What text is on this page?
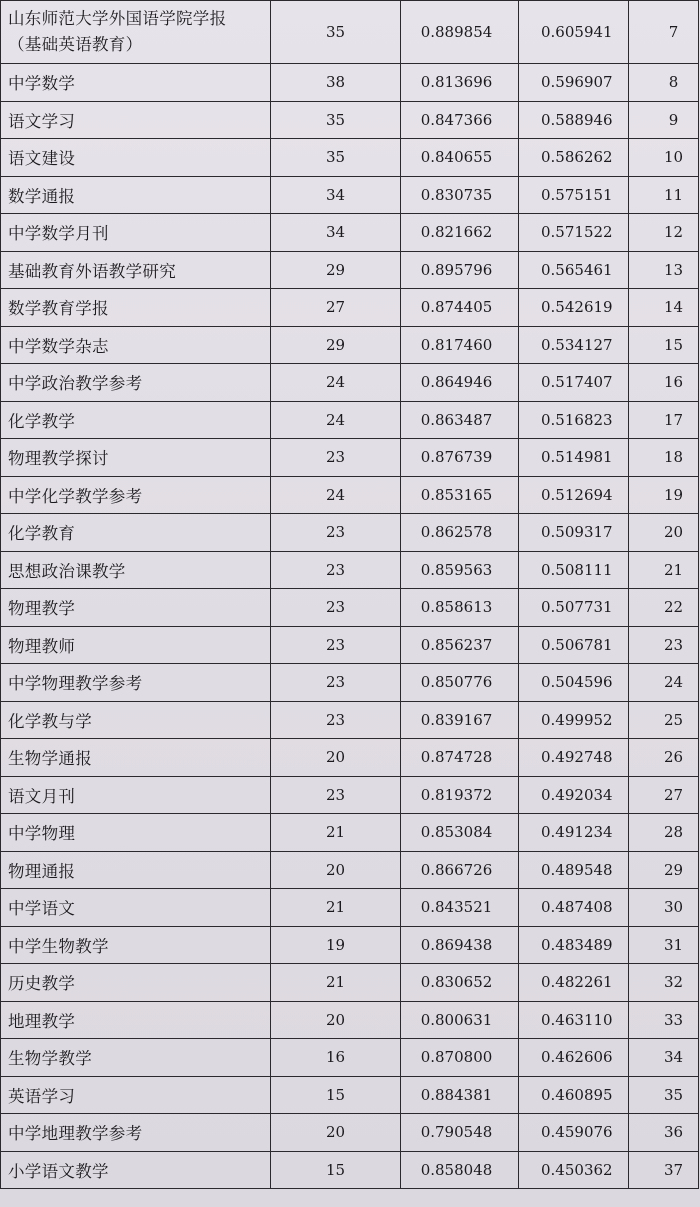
山东师范大学外国语学院学报
（基础英语教育）	35	0.889854	0.605941	7
中学数学	38	0.813696	0.596907	8
语文学习	35	0.847366	0.588946	9
语文建设	35	0.840655	0.586262	10
数学通报	34	0.830735	0.575151	11
中学数学月刊	34	0.821662	0.571522	12
基础教育外语教学研究	29	0.895796	0.565461	13
数学教育学报	27	0.874405	0.542619	14
中学数学杂志	29	0.817460	0.534127	15
中学政治教学参考	24	0.864946	0.517407	16
化学教学	24	0.863487	0.516823	17
物理教学探讨	23	0.876739	0.514981	18
中学化学教学参考	24	0.853165	0.512694	19
化学教育	23	0.862578	0.509317	20
思想政治课教学	23	0.859563	0.508111	21
物理教学	23	0.858613	0.507731	22
物理教师	23	0.856237	0.506781	23
中学物理教学参考	23	0.850776	0.504596	24
化学教与学	23	0.839167	0.499952	25
生物学通报	20	0.874728	0.492748	26
语文月刊	23	0.819372	0.492034	27
中学物理	21	0.853084	0.491234	28
物理通报	20	0.866726	0.489548	29
中学语文	21	0.843521	0.487408	30
中学生物教学	19	0.869438	0.483489	31
历史教学	21	0.830652	0.482261	32
地理教学	20	0.800631	0.463110	33
生物学教学	16	0.870800	0.462606	34
英语学习	15	0.884381	0.460895	35
中学地理教学参考	20	0.790548	0.459076	36
小学语文教学	15	0.858048	0.450362	37
